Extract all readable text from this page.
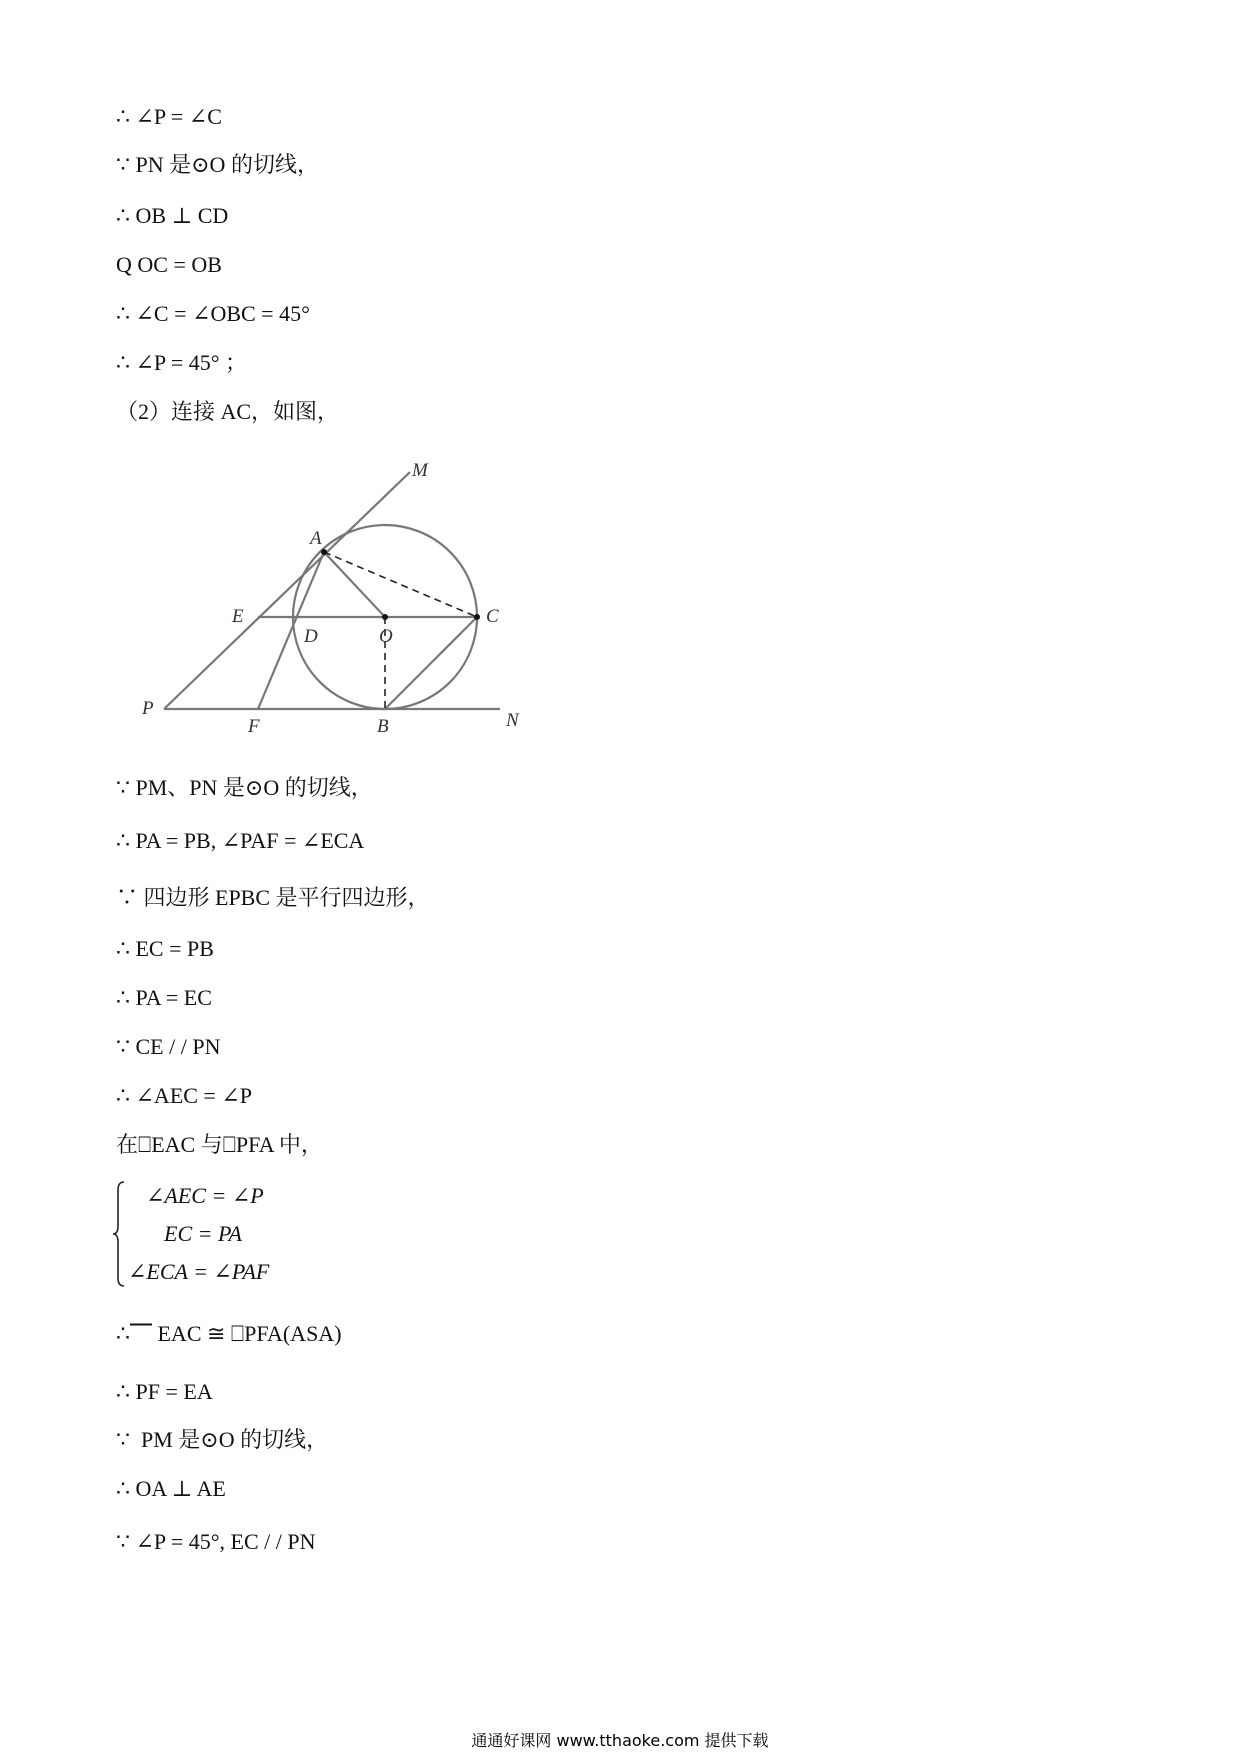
∴ ∠P = ∠C
∵ PN 是⊙O 的切线，
∴ OB ⊥ CD
Q OC = OB
∴ ∠C = ∠OBC = 45°
∴ ∠P = 45° ；
（2）连接 AC，如图，
M
A
E
D	O
C
P
F	B	N
∵ PM、PN 是⊙O 的切线，
∴ PA = PB, ∠PAF = ∠ECA
∵ 四边形 EPBC 是平行四边形，
∴ EC = PB
∴ PA = EC
∵ CE / / PN
∴ ∠AEC = ∠P
在⎕EAC 与⎕PFA 中，
∠AEC = ∠P
EC = PA
∠ECA = ∠PAF
∴⎺ EAC ≅ ⎕PFA(ASA)
∴ PF = EA
∵  PM 是⊙O 的切线，
∴ OA ⊥ AE
∵ ∠P = 45°, EC / / PN
通通好课网 www.tthaoke.com 提供下载
